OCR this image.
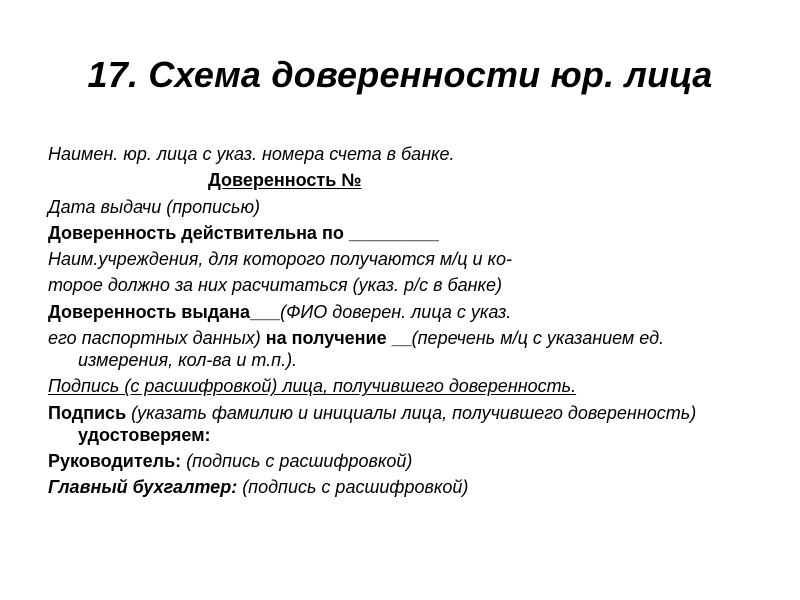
17. Схема доверенности юр. лица

Наимен. юр. лица с указ. номера счета в банке.

Доверенность №

Дата выдачи (прописью)

Доверенность действительна по _________

Наим.учреждения, для которого получаются м/ц и ко-

торое должно за них расчитаться (указ. р/с в банке)

Доверенность выдана___(ФИО доверен. лица с указ.

его паспортных данных) на получение __(перечень м/ц с указанием ед. измерения, кол-ва и т.п.).

Подпись (с расшифровкой) лица, получившего доверенность.

Подпись (указать фамилию и инициалы лица, получившего доверенность) удостоверяем:

Руководитель: (подпись с расшифровкой)

Главный бухгалтер: (подпись с расшифровкой)
